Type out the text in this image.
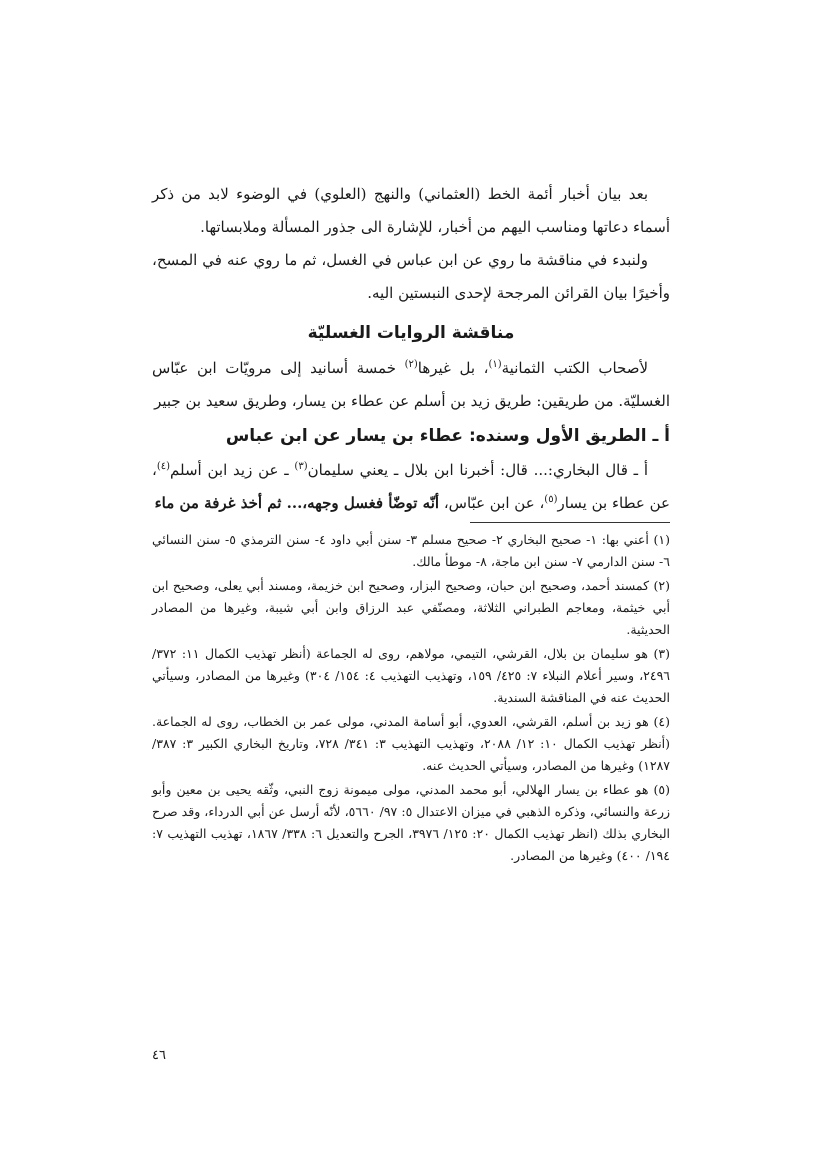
بعد بيان أخبار أئمة الخط (العثماني) والنهج (العلوي) في الوضوء لابد من ذكر أسماء دعاتها ومناسب اليهم من أخبار، للإشارة الى جذور المسألة وملابساتها.

ولنبدء في مناقشة ما روي عن ابن عباس في الغسل، ثم ما روي عنه في المسح، وأخيرًا بيان القرائن المرجحة لإحدى النبستين اليه.

مناقشة الروايات الغسليّة

لأصحاب الكتب الثمانية$^{(١)}$، بل غيرها$^{(٢)}$ خمسة أسانيد إلى مرويّات ابن عبّاس الغسليّة. من طريقين: طريق زيد بن أسلم عن عطاء بن يسار، وطريق سعيد بن جبير

أ ـ الطريق الأول وسنده: عطاء بن يسار عن ابن عباس

أ ـ قال البخاري:... قال: أخبرنا ابن بلال ـ يعني سليمان$^{(٣)}$ ـ عن زيد ابن أسلم$^{(٤)}$، عن عطاء بن يسار$^{(٥)}$، عن ابن عبّاس، أنّه توضّأ فغسل وجهه،... ثم أخذ غرفة من ماء

(١) أعني بها: ١- صحيح البخاري ٢- صحيح مسلم ٣- سنن أبي داود ٤- سنن الترمذي ٥- سنن النسائي ٦- سنن الدارمي ٧- سنن ابن ماجة، ٨- موطأ مالك.

(٢) كمسند أحمد، وصحيح ابن حبان، وصحيح البزار، وصحيح ابن خزيمة، ومسند أبي يعلى، وصحيح ابن أبي خيثمة، ومعاجم الطبراني الثلاثة، ومصنّفي عبد الرزاق وابن أبي شيبة، وغيرها من المصادر الحديثية.

(٣) هو سليمان بن بلال، القرشي، التيمي، مولاهم، روى له الجماعة (أنظر تهذيب الكمال ١١: ٣٧٢/ ٢٤٩٦، وسير أعلام النبلاء ٧: ٤٢٥/ ١٥٩، وتهذيب التهذيب ٤: ١٥٤/ ٣٠٤) وغيرها من المصادر، وسيأتي الحديث عنه في المناقشة السندية.

(٤) هو زيد بن أسلم، القرشي، العدوي، أبو أسامة المدني، مولى عمر بن الخطاب، روى له الجماعة. (أنظر تهذيب الكمال ١٠: ١٢/ ٢٠٨٨، وتهذيب التهذيب ٣: ٣٤١/ ٧٢٨، وتاريخ البخاري الكبير ٣: ٣٨٧/ ١٢٨٧) وغيرها من المصادر، وسيأتي الحديث عنه.

(٥) هو عطاء بن يسار الهلالي، أبو محمد المدني، مولى ميمونة زوج النبي، وثّقه يحيى بن معين وأبو زرعة والنسائي، وذكره الذهبي في ميزان الاعتدال ٥: ٩٧/ ٥٦٦٠، لأنّه أرسل عن أبي الدرداء، وقد صرح البخاري بذلك (انظر تهذيب الكمال ٢٠: ١٢٥/ ٣٩٧٦، الجرح والتعديل ٦: ٣٣٨/ ١٨٦٧، تهذيب التهذيب ٧: ١٩٤/ ٤٠٠) وغيرها من المصادر.

٤٦
